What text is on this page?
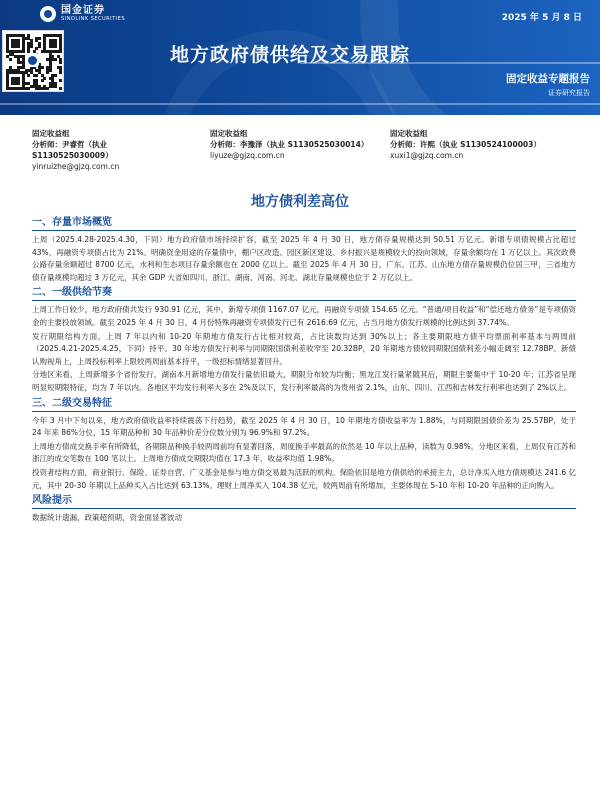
国金证券
SINOLINK SECURITIES	2025 年 5 月 8 日
地方政府债供给及交易跟踪
固定收益专题报告
证券研究报告
固定收益组
分析师：尹睿哲（执业
S1130525030009）
yinruizhe@gjzq.com.cn
固定收益组
分析师：李豫泽（执业 S1130525030014）
liyuze@gjzq.com.cn
固定收益组
分析师：许熙（执业 S1130524100003）
xuxi1@gjzq.com.cn
地方债利差高位
一、存量市场概览

上周（2025.4.28-2025.4.30，下同）地方政府债市场持续扩容，截至 2025 年 4 月 30 日，地方债存量规模达到 50.51 万亿元。新增专项债规模占比超过 43%，再融资专项债占比为 21%。明确资金用途的存量债中，棚户区改造、园区新区建设、乡村振兴是规模较大的投向领域，存量余额均在 1 万亿以上。其次政费公路存量余额超过 8700 亿元，水利和生态项目存量余额也在 2000 亿以上。截至 2025 年 4 月 30 日，广东、江苏、山东地方债存量规模仍位居三甲，三省地方债存量规模均超过 3 万亿元，其余 GDP 大省如四川、浙江、湖南、河南、河北、湖北存量规模也位于 2 万亿以上。

二、一级供给节奏

上周工作日较少，地方政府债共发行 930.91 亿元，其中，新增专项债 1167.07 亿元，再融资专项债 154.65 亿元。“普通/项目收益”和“偿还地方债务”是专项债资金的主要投放领域。截至 2025 年 4 月 30 日，4 月份特殊再融资专项债发行已有 2616.69 亿元，占当月地方债发行规模的比例达到 37.74%。

发行期限结构方面，上周 7 年以内和 10-20 年期地方债发行占比相对较高，占比读数均达到 30%以上；各主要期限地方债平均票面利率基本与两周前（2025.4.21-2025.4.25，下同）持平。30 年地方债发行利率与同期限国债利差收窄至 20.32BP，20 年期地方债较同期限国债利差小幅走阔至 12.78BP。新债认购视角上，上周投标利率上限较两周前基本持平，一级招标情绪显著回升。

分地区来看，上周新增多个省份发行，湖南本月新增地方债发行量依旧最大，期限分布较为均衡；黑龙江发行量紧随其后，期限主要集中于 10-20 年；江苏省呈现明显短期限特征，均为 7 年以内。各地区平均发行利率大多在 2%及以下，发行利率最高的为贵州省 2.1%，山东、四川、江西和吉林发行利率也达到了 2%以上。

三、二级交易特征

今年 3 月中下旬以来，地方政府债收益率持续震荡下行趋势，截至 2025 年 4 月 30 日，10 年期地方债收益率为 1.88%，与同期限国债价差为 25.57BP，处于 24 年来 86%分位，15 年期品种和 30 年品种价差分位数分别为 96.9%和 97.2%。

上周地方债成交换手率有所降低，各期限品种换手较两周前均有显著回落，周度换手率最高的依然是 10 年以上品种，读数为 0.98%。分地区来看，上周仅有江苏和浙江的成交笔数在 100 笔以上。上周地方债成交期限均值在 17.3 年，收益率均值 1.98%。

投资者结构方面，商业银行、保险、证券自营、广义基金是参与地方债交易最为活跃的机构。保险依旧是地方债供给的承接主力，总计净买入地方债规模达 241.6 亿元，其中 20-30 年期以上品种买入占比达到 63.13%。理财上周净买入 104.38 亿元，较两周前有所增加，主要体现在 5-10 年和 10-20 年品种的正向购入。

风险提示
数据统计遗漏，政策超预期，资金面显著波动
